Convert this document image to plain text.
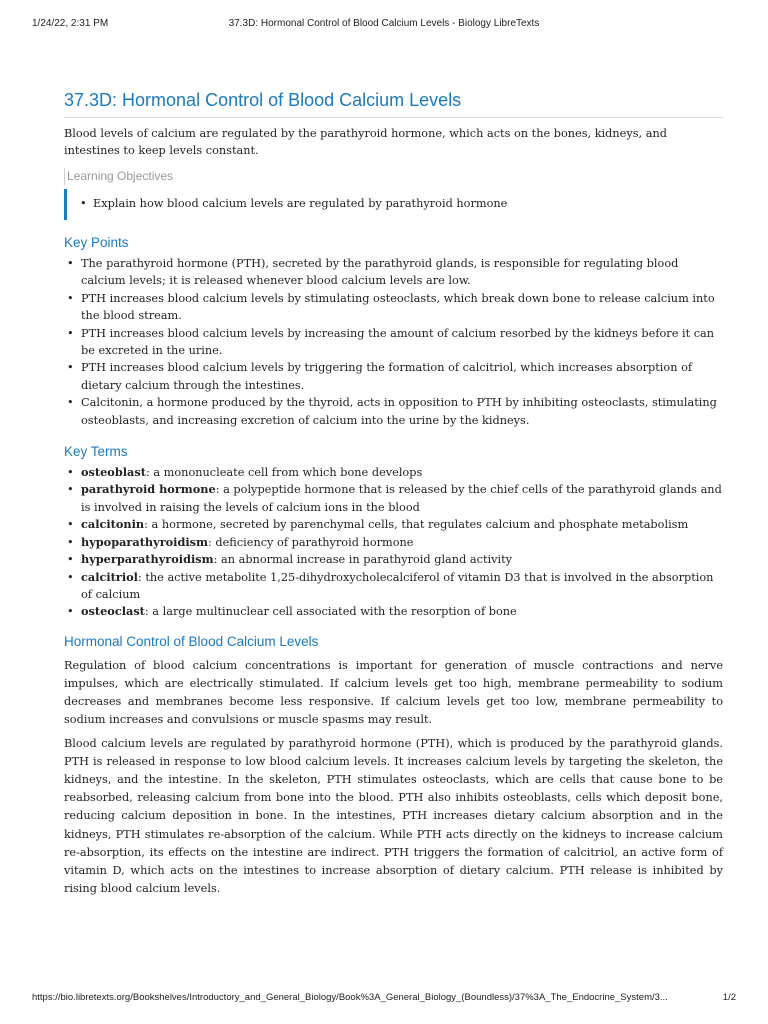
1/24/22, 2:31 PM	37.3D: Hormonal Control of Blood Calcium Levels - Biology LibreTexts
37.3D: Hormonal Control of Blood Calcium Levels

Blood levels of calcium are regulated by the parathyroid hormone, which acts on the bones, kidneys, and intestines to keep levels constant.

Learning Objectives
• Explain how blood calcium levels are regulated by parathyroid hormone
Key Points
• The parathyroid hormone (PTH), secreted by the parathyroid glands, is responsible for regulating blood calcium levels; it is released whenever blood calcium levels are low.
• PTH increases blood calcium levels by stimulating osteoclasts, which break down bone to release calcium into the blood stream.
• PTH increases blood calcium levels by increasing the amount of calcium resorbed by the kidneys before it can be excreted in the urine.
• PTH increases blood calcium levels by triggering the formation of calcitriol, which increases absorption of dietary calcium through the intestines.
• Calcitonin, a hormone produced by the thyroid, acts in opposition to PTH by inhibiting osteoclasts, stimulating osteoblasts, and increasing excretion of calcium into the urine by the kidneys.
Key Terms
• osteoblast: a mononucleate cell from which bone develops
• parathyroid hormone: a polypeptide hormone that is released by the chief cells of the parathyroid glands and is involved in raising the levels of calcium ions in the blood
• calcitonin: a hormone, secreted by parenchymal cells, that regulates calcium and phosphate metabolism
• hypoparathyroidism: deficiency of parathyroid hormone
• hyperparathyroidism: an abnormal increase in parathyroid gland activity
• calcitriol: the active metabolite 1,25-dihydroxycholecalciferol of vitamin D3 that is involved in the absorption of calcium
• osteoclast: a large multinuclear cell associated with the resorption of bone
Hormonal Control of Blood Calcium Levels

Regulation of blood calcium concentrations is important for generation of muscle contractions and nerve impulses, which are electrically stimulated. If calcium levels get too high, membrane permeability to sodium decreases and membranes become less responsive. If calcium levels get too low, membrane permeability to sodium increases and convulsions or muscle spasms may result.

Blood calcium levels are regulated by parathyroid hormone (PTH), which is produced by the parathyroid glands. PTH is released in response to low blood calcium levels. It increases calcium levels by targeting the skeleton, the kidneys, and the intestine. In the skeleton, PTH stimulates osteoclasts, which are cells that cause bone to be reabsorbed, releasing calcium from bone into the blood. PTH also inhibits osteoblasts, cells which deposit bone, reducing calcium deposition in bone. In the intestines, PTH increases dietary calcium absorption and in the kidneys, PTH stimulates re-absorption of the calcium. While PTH acts directly on the kidneys to increase calcium re-absorption, its effects on the intestine are indirect. PTH triggers the formation of calcitriol, an active form of vitamin D, which acts on the intestines to increase absorption of dietary calcium. PTH release is inhibited by rising blood calcium levels.

https://bio.libretexts.org/Bookshelves/Introductory_and_General_Biology/Book%3A_General_Biology_(Boundless)/37%3A_The_Endocrine_System/3...	1/2
